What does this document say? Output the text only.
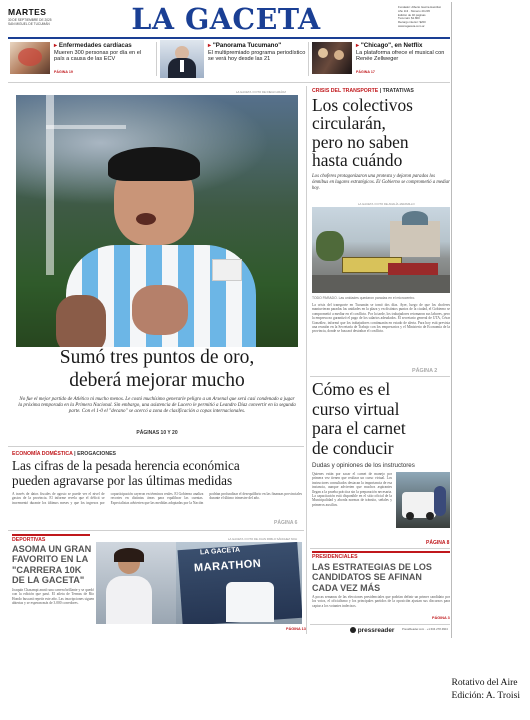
MARTES
30 DE SEPTIEMBRE DE 2025
SAN MIGUEL DE TUCUMÁN	LA GACETA	Fundador: Alberto García Hamilton
Año 113 · Número 40.245
Edición de 40 páginas
Tucumán: $1.800
Recargo interior: $200
www.lagaceta.com.ar
▸ Enfermedades cardíacas
Mueren 300 personas por día en el país a causa de las ECV
PÁGINA 19
▸ "Panorama Tucumano"
El multipremiado programa periodístico se verá hoy desde las 21
▸ "Chicago", en Netflix
La plataforma ofrece el musical con Renée Zellweger
PÁGINA 17
LA GACETA / FOTO DE DIEGO ARÁOZ
Sumó tres puntos de oro,
deberá mejorar mucho
No fue el mejor partido de Atlético ni mucho menos. Le costó muchísimo generarle peligro a un Arsenal que será casi condenado a jugar la próxima temporada en la Primera Nacional. Sin embargo, una asistencia de Lucero le permitió a Leandro Díaz convertir en la segunda parte. Con el 1-0 el "decano" se acercó a zona de clasificación a copas internacionales.
PÁGINAS 10 Y 20
CRISIS DEL TRANSPORTE | TRATATIVAS
Los colectivos
circularán,
pero no saben
hasta cuándo
Los choferes protagonizaron una protesta y dejaron parados los ómnibus en lugares estratégicos. El Gobierno se comprometió a mediar hoy.
LA GACETA / FOTO DE ANALÍA JARAMILLO
TODO PARADO. Las unidades quedaron paradas en el microcentro.
La crisis del transporte en Tucumán se tomó dos días. Ayer, luego de que los choferes mantuvieran paradas las unidades en la plaza y en distintos puntos de la ciudad, el Gobierno se comprometió a mediar en el conflicto. Por la tarde, los trabajadores retomaron sus labores, pero la empresa no garantizó el pago de los salarios adeudados. El secretario general de UTA, César González, informó que los trabajadores continuarán en estado de alerta. Para hoy está prevista una reunión en la Secretaría de Trabajo con los empresarios y el Ministerio de Economía de la provincia, donde se buscará destrabar el conflicto.
PÁGINA 2
Cómo es el
curso virtual
para el carnet
de conducir
Dudas y opiniones de los instructores
Quienes están por sacar el carnet de manejo por primera vez tienen que realizar un curso virtual. Los instructores consultados destacan la importancia de esa instancia, aunque advierten que muchos aspirantes llegan a la prueba práctica sin la preparación necesaria. La capacitación está disponible en el sitio oficial de la Municipalidad y aborda normas de tránsito, señales y primeros auxilios.
PÁGINA 8
ECONOMÍA DOMÉSTICA | EROGACIONES
Las cifras de la pesada herencia económica
pueden agravarse por las últimas medidas
A través de datos fiscales de agosto se puede ver el nivel de gastos de la provincia. El informe revela que el déficit se incrementó durante los últimos meses y que los ingresos por coparticipación cayeron en términos reales. El Gobierno analiza recortes en distintas áreas para equilibrar las cuentas. Especialistas advierten que las medidas adoptadas por la Nación podrían profundizar el desequilibrio en las finanzas provinciales durante el último trimestre del año.
PÁGINA 6
DEPORTIVAS
ASOMA UN GRAN
FAVORITO EN LA
"CARRERA 10K
DE LA GACETA"
Joaquín Chasampi anotó una carrera brillante y se quedó con la edición que pasó. El atleta de Termas de Río Hondo buscará repetir este año. Las inscripciones siguen abiertas y se esperan más de 3.000 corredores.
LA GACETA / FOTO DE JUAN PABLO SÁNCHEZ NOLI
LA GACETA
MARATHON
PÁGINA 13
PRESIDENCIALES
LAS ESTRATEGIAS DE LOS
CANDIDATOS SE AFINAN
CADA VEZ MÁS
A pocas semanas de las elecciones presidenciales que podrían definir un primer candidato por los votos, el oficialismo y los principales partidos de la oposición ajustan sus discursos para captar a los votantes indecisos.
PÁGINA 3
pressreader	PressReader.com · +1 604 278 4604
Rotativo del Aire
Edición: A. Troisi
